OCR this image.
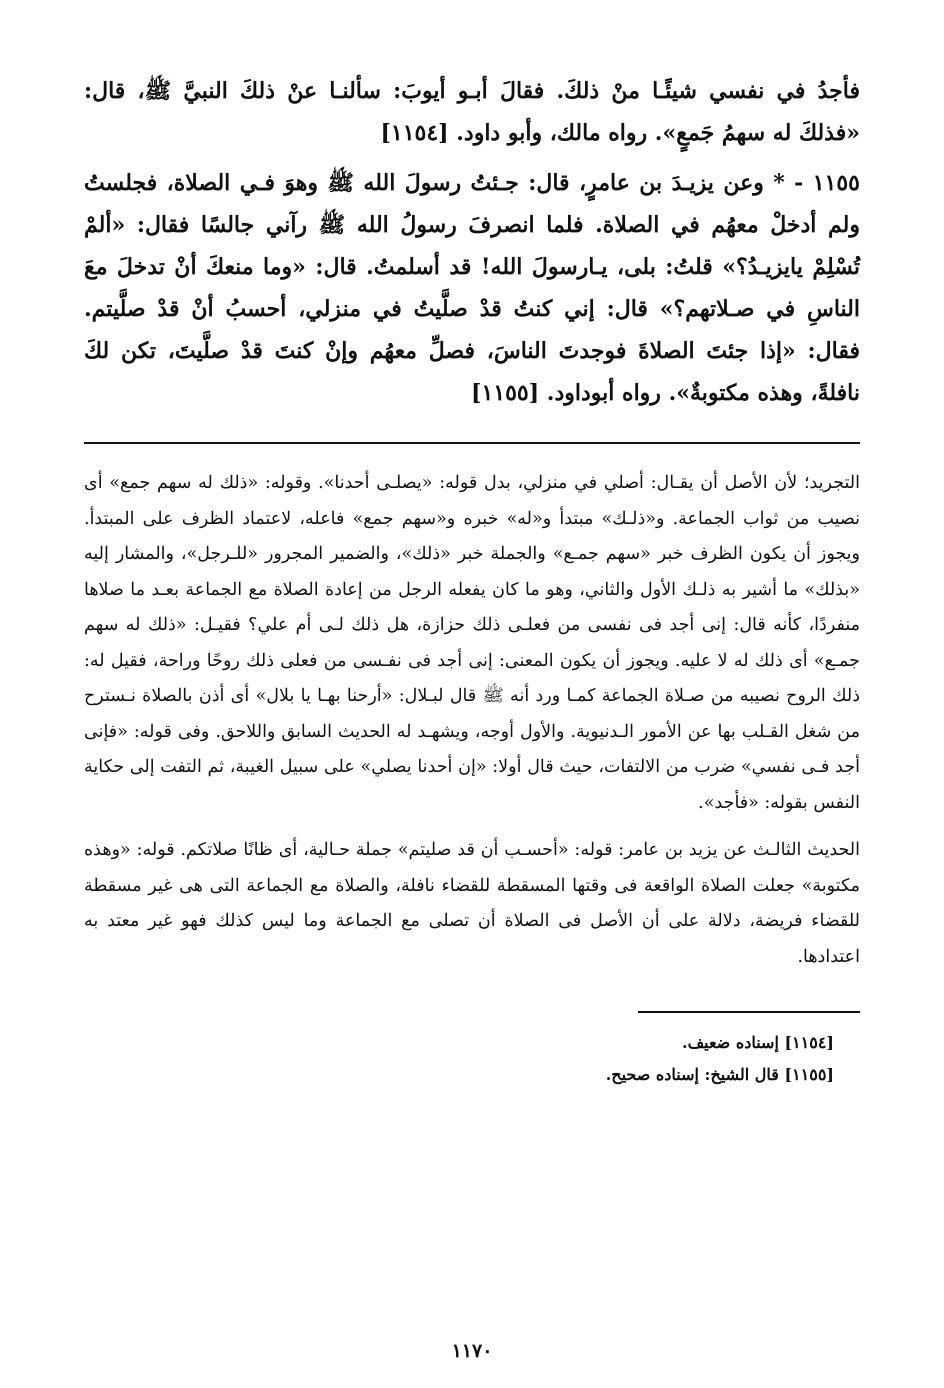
فأجدُ في نفسي شيئًـا منْ ذلكَ. فقالَ أبـو أيوبَ: سألنـا عنْ ذلكَ النبيَّ ﷺ، قال: «فذلكَ له سهمُ جَمعٍ». رواه مالك، وأبو داود. [١١٥٤]

١١٥٥ - * وعن يزيـدَ بن عامرٍ، قال: جـئتُ رسولَ الله ﷺ وهوَ فـي الصلاة، فجلستُ ولم أدخلْ معهُم في الصلاة. فلما انصرفَ رسولُ الله ﷺ رآني جالسًا فقال: «ألمْ تُسْلِمْ يايزيـدُ؟» قلتُ: بلى، يـارسولَ الله! قد أسلمتُ. قال: «وما منعكَ أنْ تدخلَ معَ الناسِ في صـلاتهم؟» قال: إني كنتُ قدْ صلَّيتُ في منزلي، أحسبُ أنْ قدْ صلَّيتم. فقال: «إذا جئتَ الصلاةَ فوجدتَ الناسَ، فصلِّ معهُم وإنْ كنتَ قدْ صلَّيتَ، تكن لكَ نافلةً، وهذه مكتوبةٌ». رواه أبوداود. [١١٥٥]

التجريد؛ لأن الأصل أن يقـال: أصلي في منزلي، بدل قوله: «يصلـى أحدنا». وقوله: «ذلك له سهم جمع» أى نصيب من ثواب الجماعة. و«ذلـك» مبتدأ و«له» خبره و«سهم جمع» فاعله، لاعتماد الظرف على المبتدأ. ويجوز أن يكون الظرف خبر «سهم جمـع» والجملة خبر «ذلك»، والضمير المجرور «للـرجل»، والمشار إليه «بذلك» ما أشير به ذلـك الأول والثاني، وهو ما كان يفعله الرجل من إعادة الصلاة مع الجماعة بعـد ما صلاها منفردًا، كأنه قال: إنى أجد فى نفسى من فعلـى ذلك حزازة، هل ذلك لـى أم علي؟ فقيـل: «ذلك له سهم جمـع» أى ذلك له لا عليه. ويجوز أن يكون المعنى: إنى أجد فى نفـسى من فعلى ذلك روحًا وراحة، فقيل له: ذلك الروح نصيبه من صـلاة الجماعة كمـا ورد أنه ﷺ قال لبـلال: «أرحنا بهـا يا بلال» أى أذن بالصلاة نـسترح من شغل القـلب بها عن الأمور الـدنيوية. والأول أوجه، ويشهـد له الحديث السابق واللاحق. وفى قوله: «فإنى أجد فـى نفسي» ضرب من الالتفات، حيث قال أولا: «إن أحدنا يصلي» على سبيل الغيبة، ثم التفت إلى حكاية النفس بقوله: «فأجد».

الحديث الثالـث عن يزيد بن عامر: قوله: «أحسـب أن قد صليتم» جملة حـالية، أى ظانًا صلاتكم. قوله: «وهذه مكتوبة» جعلت الصلاة الواقعة فى وقتها المسقطة للقضاء نافلة، والصلاة مع الجماعة التى هى غير مسقطة للقضاء فريضة، دلالة على أن الأصل فى الصلاة أن تصلى مع الجماعة وما ليس كذلك فهو غير معتد به اعتدادها.

[١١٥٤] إسناده ضعيف.

[١١٥٥] قال الشيخ: إسناده صحيح.

١١٧٠
